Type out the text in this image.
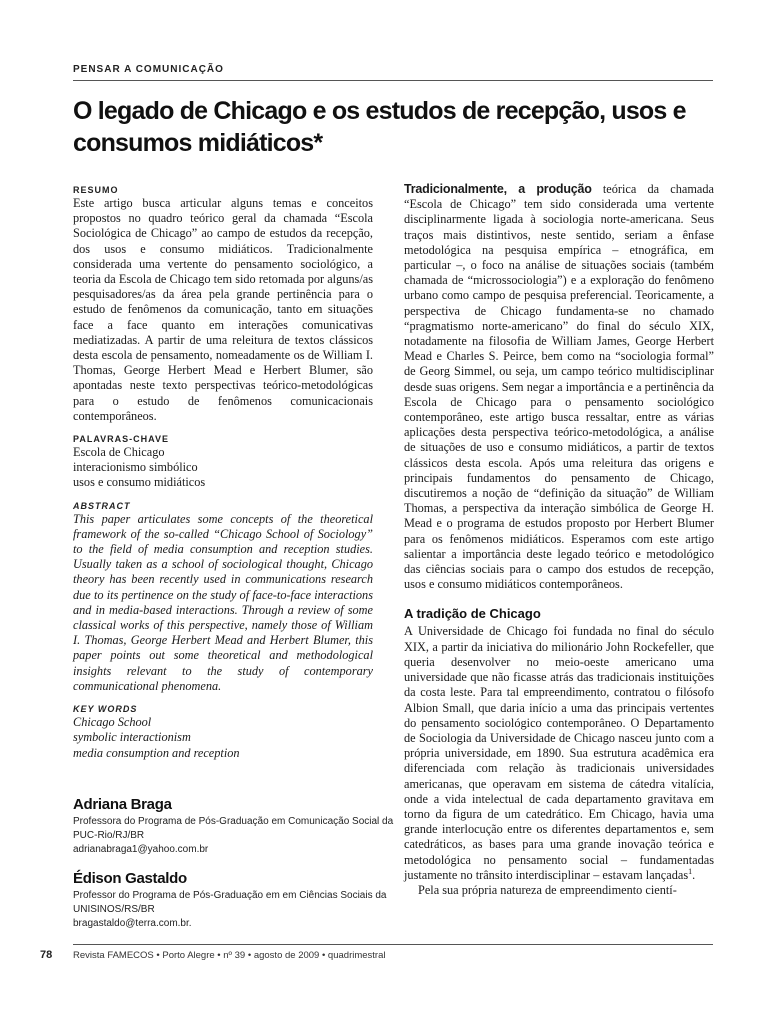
PENSAR A COMUNICAÇÃO
O legado de Chicago e os estudos de recepção, usos e consumos midiáticos*

RESUMO

Este artigo busca articular alguns temas e conceitos propostos no quadro teórico geral da chamada “Escola Sociológica de Chicago” ao campo de estudos da recepção, dos usos e consumo midiáticos. Tradicionalmente considerada uma vertente do pensamento sociológico, a teoria da Escola de Chicago tem sido retomada por alguns/as pesquisadores/as da área pela grande pertinência para o estudo de fenômenos da comunicação, tanto em situações face a face quanto em interações comunicativas mediatizadas. A partir de uma releitura de textos clássicos desta escola de pensamento, nomeadamente os de William I. Thomas, George Herbert Mead e Herbert Blumer, são apontadas neste texto perspectivas teórico-metodológicas para o estudo de fenômenos comunicacionais contemporâneos.

PALAVRAS-CHAVE

Escola de Chicago
interacionismo simbólico
usos e consumo midiáticos

ABSTRACT

This paper articulates some concepts of the theoretical framework of the so-called “Chicago School of Sociology” to the field of media consumption and reception studies. Usually taken as a school of sociological thought, Chicago theory has been recently used in communications research due to its pertinence on the study of face-to-face interactions and in media-based interactions. Through a review of some classical works of this perspective, namely those of William I. Thomas, George Herbert Mead and Herbert Blumer, this paper points out some theoretical and methodological insights relevant to the study of contemporary communicational phenomena.

KEY WORDS

Chicago School
symbolic interactionism
media consumption and reception

Adriana Braga

Professora do Programa de Pós-Graduação em Comunicação Social da

PUC-Rio/RJ/BR

adrianabraga1@yahoo.com.br

Édison Gastaldo

Professor do Programa de Pós-Graduação em em Ciências Sociais da

UNISINOS/RS/BR

bragastaldo@terra.com.br.

Tradicionalmente, a produção teórica da chamada “Escola de Chicago” tem sido considerada uma vertente disciplinarmente ligada à sociologia norte-americana. Seus traços mais distintivos, neste sentido, seriam a ênfase metodológica na pesquisa empírica – etnográfica, em particular –, o foco na análise de situações sociais (também chamada de “microssociologia”) e a exploração do fenômeno urbano como campo de pesquisa preferencial. Teoricamente, a perspectiva de Chicago fundamenta-se no chamado “pragmatismo norte-americano” do final do século XIX, notadamente na filosofia de William James, George Herbert Mead e Charles S. Peirce, bem como na “sociologia formal” de Georg Simmel, ou seja, um campo teórico multidisciplinar desde suas origens. Sem negar a importância e a pertinência da Escola de Chicago para o pensamento sociológico contemporâneo, este artigo busca ressaltar, entre as várias aplicações desta perspectiva teórico-metodológica, a análise de situações de uso e consumo midiáticos, a partir de textos clássicos desta escola. Após uma releitura das origens e principais fundamentos do pensamento de Chicago, discutiremos a noção de “definição da situação” de William Thomas, a perspectiva da interação simbólica de George H. Mead e o programa de estudos proposto por Herbert Blumer para os fenômenos midiáticos. Esperamos com este artigo salientar a importância deste legado teórico e metodológico das ciências sociais para o campo dos estudos de recepção, usos e consumo midiáticos contemporâneos.

A tradição de Chicago

A Universidade de Chicago foi fundada no final do século XIX, a partir da iniciativa do milionário John Rockefeller, que queria desenvolver no meio-oeste americano uma universidade que não ficasse atrás das tradicionais instituições da costa leste. Para tal empreendimento, contratou o filósofo Albion Small, que daria início a uma das principais vertentes do pensamento sociológico contemporâneo. O Departamento de Sociologia da Universidade de Chicago nasceu junto com a própria universidade, em 1890. Sua estrutura acadêmica era diferenciada com relação às tradicionais universidades americanas, que operavam em sistema de cátedra vitalícia, onde a vida intelectual de cada departamento gravitava em torno da figura de um catedrático. Em Chicago, havia uma grande interlocução entre os diferentes departamentos e, sem catedráticos, as bases para uma grande inovação teórica e metodológica no pensamento social – fundamentadas justamente no trânsito interdisciplinar – estavam lançadas$^1$.

Pela sua própria natureza de empreendimento cientí-

78 Revista FAMECOS • Porto Alegre • nº 39 • agosto de 2009 • quadrimestral
